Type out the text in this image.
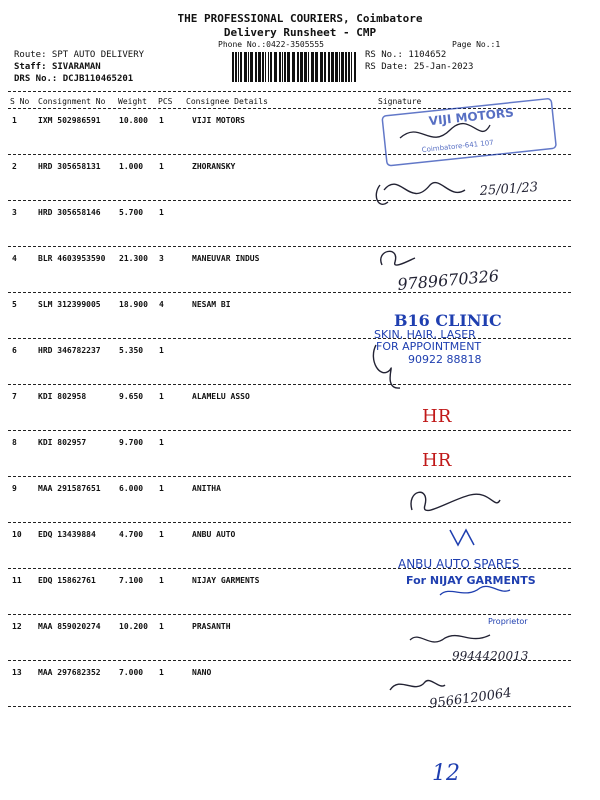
THE PROFESSIONAL COURIERS, Coimbatore
Delivery Runsheet - CMP
Phone No.:0422-3505555	Page No.:1
Route: SPT AUTO DELIVERY
Staff: SIVARAMAN
DRS No.: DCJB110465201
RS No.: 1104652
RS Date: 25-Jan-2023
S No Consignment No Weight PCS Consignee Details	Signature
1	IXM 502986591 10.800 1	VIJI MOTORS
2	HRD 305658131 1.000 1	ZHORANSKY
3	HRD 305658146 5.700 1
4	BLR 4603953590 21.300 3	MANEUVAR INDUS
5	SLM 312399005 18.900 4	NESAM BI
6	HRD 346782237 5.350 1
7	KDI 802958	9.650 1	ALAMELU ASSO
8	KDI 802957	9.700 1
9	MAA 291587651 6.000 1	ANITHA
10 EDQ 13439884	4.700 1	ANBU AUTO
11 EDQ 15862761	7.100 1	NIJAY GARMENTS
12 MAA 859020274 10.200 1	PRASANTH
13 MAA 297682352 7.000 1	NANO
VIJI MOTORS
Coimbatore-641 107
25/01/23
9789670326
B16 CLINIC
SKIN, HAIR, LASER
FOR APPOINTMENT
90922 88818
HR
HR
ANBU AUTO SPARES
For NIJAY GARMENTS
Proprietor
9944420013
9566120064
12
